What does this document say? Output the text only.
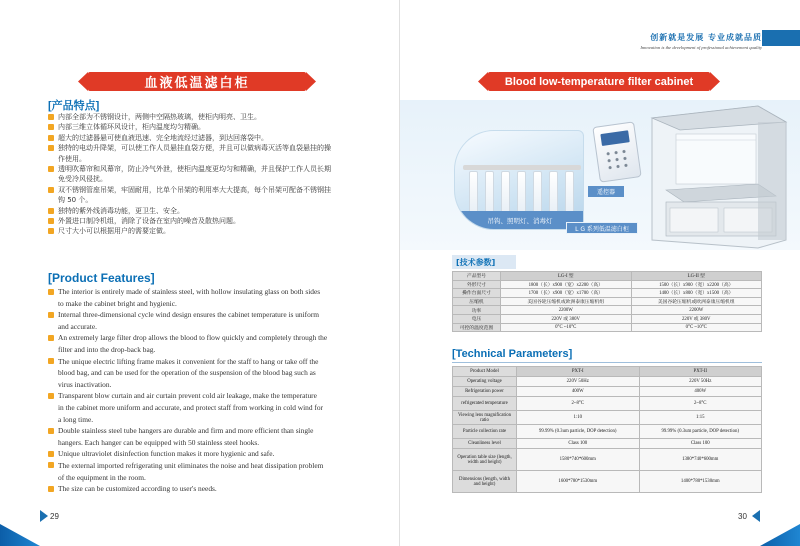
血液低温滤白柜
[产品特点]
内部全部为不锈钢设计，两侧中空隔热玻璃，使柜内明亮、卫生。
内部三维立体循环风设计，柜内温度均匀精确。
超大的过滤器悬可使血液迅速、完全地流经过滤器，到达回落袋中。
独特的电动升降架，可以使工作人员悬挂血袋方便，并且可以做病毒灭活等血袋悬挂的操
作使用。
透明吹幕帘和风幕帘，防止冷气外泄，使柜内温度更均匀和精确，并且保护工作人员长期
免受冷风侵扰。
双不锈钢管座吊架，牢固耐用，比单个吊架的利用率大大提高，每个吊架可配备不锈钢挂
钩 50 个。
独特的紫外线消毒功能，更卫生、安全。
外置进口制冷机组，消除了设备在室内的噪音及散热问题。
尺寸大小可以根据用户的需要定做。
[Product Features]
The interior is entirely made of stainless steel, with hollow insulating glass on both sides
to make the cabinet bright and hygienic.
Internal three-dimensional cycle wind design ensures the cabinet temperature is uniform
and accurate.
An extremely large filter drop allows the blood to flow quickly and completely through the
filter and into the drop-back bag.
The unique electric lifting frame makes it convenient for the staff to hang or take off the
blood bag, and can be used for the operation of the suspension of the blood bag such as
virus inactivation.
Transparent blow curtain and air curtain prevent cold air leakage, make the temperature
in the cabinet more uniform and accurate, and protect staff from working in cold wind for
a long time.
Double stainless steel tube hangers are durable and firm and more efficient than single
hangers. Each hanger can be equipped with 50 stainless steel hooks.
Unique ultraviolet disinfection function makes it more hygienic and safe.
The external imported refrigerating unit eliminates the noise and heat dissipation problem
of the equipment in the room.
The size can be customized according to user's needs.
29
创新就是发展 专业成就品质
Innovation is the development of professional achievement quality
Blood low-temperature filter cabinet
吊钩、照明灯、消毒灯
遥控器
L G 系列低温滤白柜
[技术参数]
产品型号	LG-I 型	LG-II 型
外形尺寸	1800（长）x900（宽）x2200（高）	1500（长）x900（宽）x2200（高）
操作台面尺寸	1700（长）x900（宽）x1700（高）	1400（长）x800（宽）x1500（高）
压缩机	美国谷轮压缩机或欧洲泰康压缩机组	美国谷轮压缩机或欧洲泰康压缩机组
功率	2200W	2200W
电压	220V 或 380V	220V 或 380V
可控的温度范围	0°C ~10°C	0°C ~10°C
[Technical Parameters]
Product Model	PXT-I	PXT-II
Operating voltage	220V 50Hz	220V 50Hz
Refrigeration power	400W	400W
refrigerated temperature	2~8°C	2~8°C
Viewing lens magnification ratio	1:10	1:15
Particle collection rate	99.99% (0.3um particle, DOP detection)	99.99% (0.3um particle, DOP detection)
Cleanliness level	Class 100	Class 100
Operation table size (length, width and height)	1580*740*600mm	1380*740*600mm
Dimensions (length, width and height)	1600*780*1530mm	1400*780*1530mm
30
